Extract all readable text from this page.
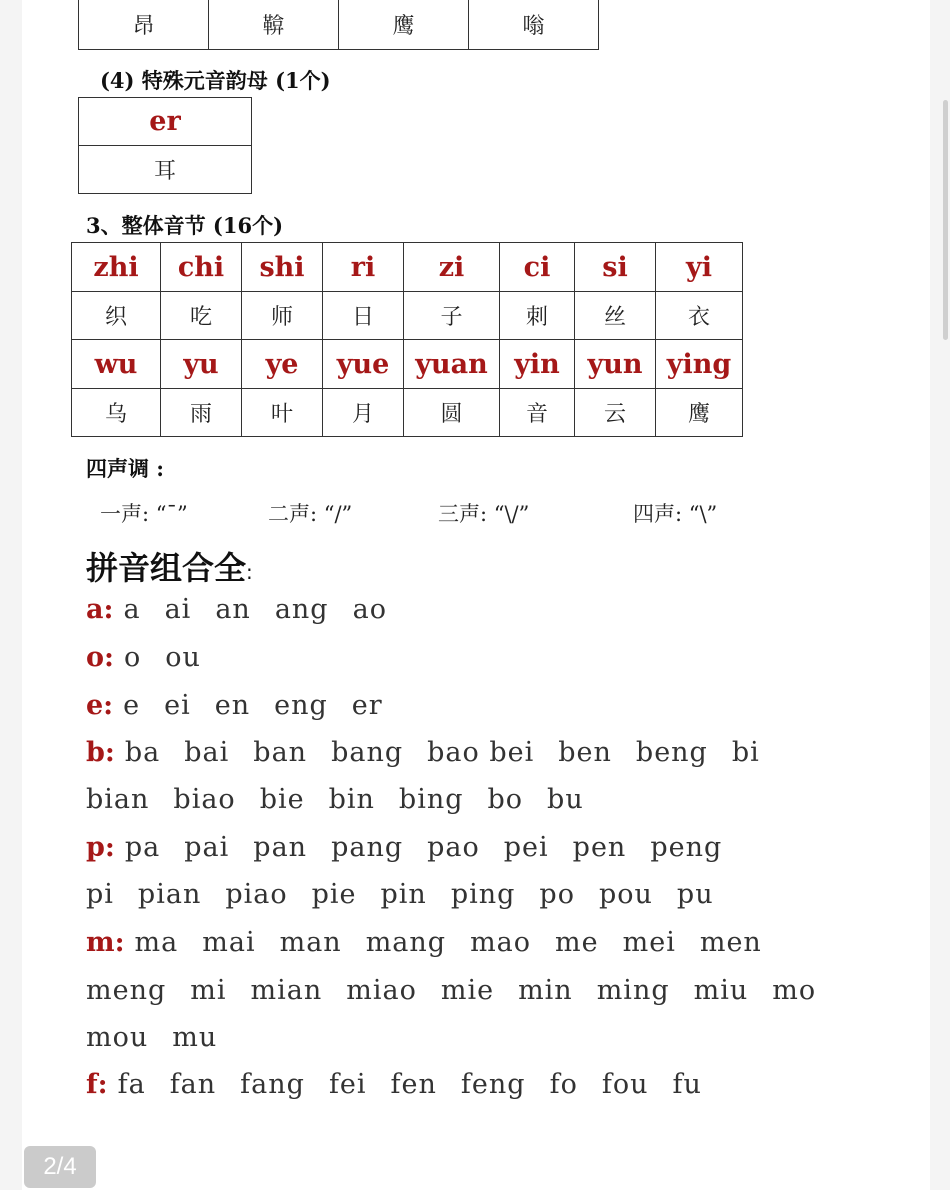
昂	鞥	鹰	嗡
(4) 特殊元音韵母 (1个)
er
耳
3、整体音节 (16个)
zhi	chi	shi	ri	zi	ci	si	yi
织	吃	师	日	子	刺	丝	衣
wu	yu	ye	yue	yuan	yin	yun	ying
乌	雨	叶	月	圆	音	云	鹰
四声调 :
一声: “ˉ”	二声: “/”	三声: “\/”	四声: “\”
拼音组合全:
a: a ai an ang ao
o: o ou
e: e ei en eng er
b: ba bai ban bang bao bei ben beng bi
bian biao bie bin bing bo bu
p: pa pai pan pang pao pei pen peng
pi pian piao pie pin ping po pou pu
m: ma mai man mang mao me mei men
meng mi mian miao mie min ming miu mo
mou mu
f: fa fan fang fei fen feng fo fou fu
2/4
